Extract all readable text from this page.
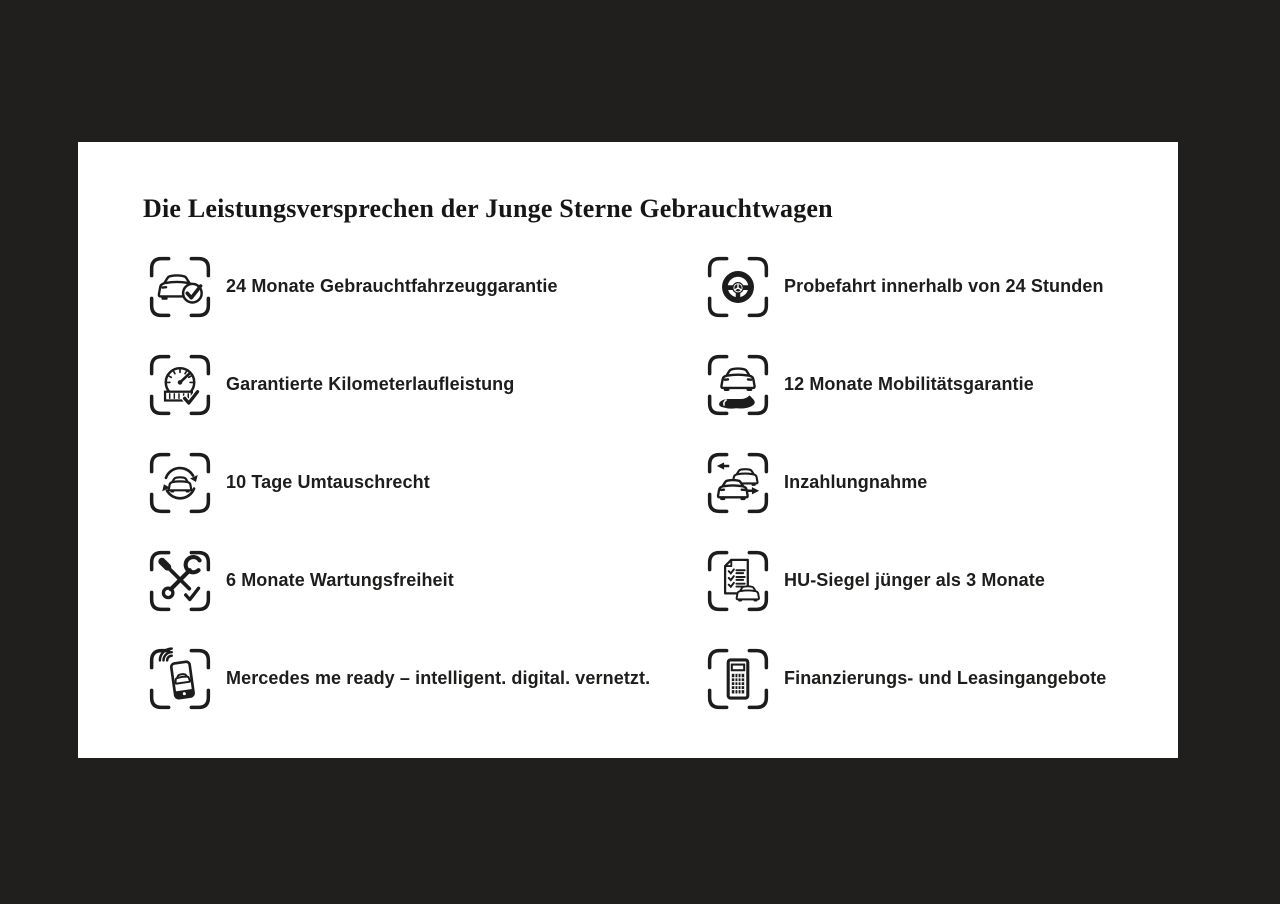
Die Leistungsversprechen der Junge Sterne Gebrauchtwagen
24 Monate Gebrauchtfahrzeuggarantie
Garantierte Kilometerlaufleistung
10 Tage Umtauschrecht
6 Monate Wartungsfreiheit
Mercedes me ready – intelligent. digital. vernetzt.
Probefahrt innerhalb von 24 Stunden
12 Monate Mobilitätsgarantie
Inzahlungnahme
HU-Siegel jünger als 3 Monate
Finanzierungs- und Leasingangebote
